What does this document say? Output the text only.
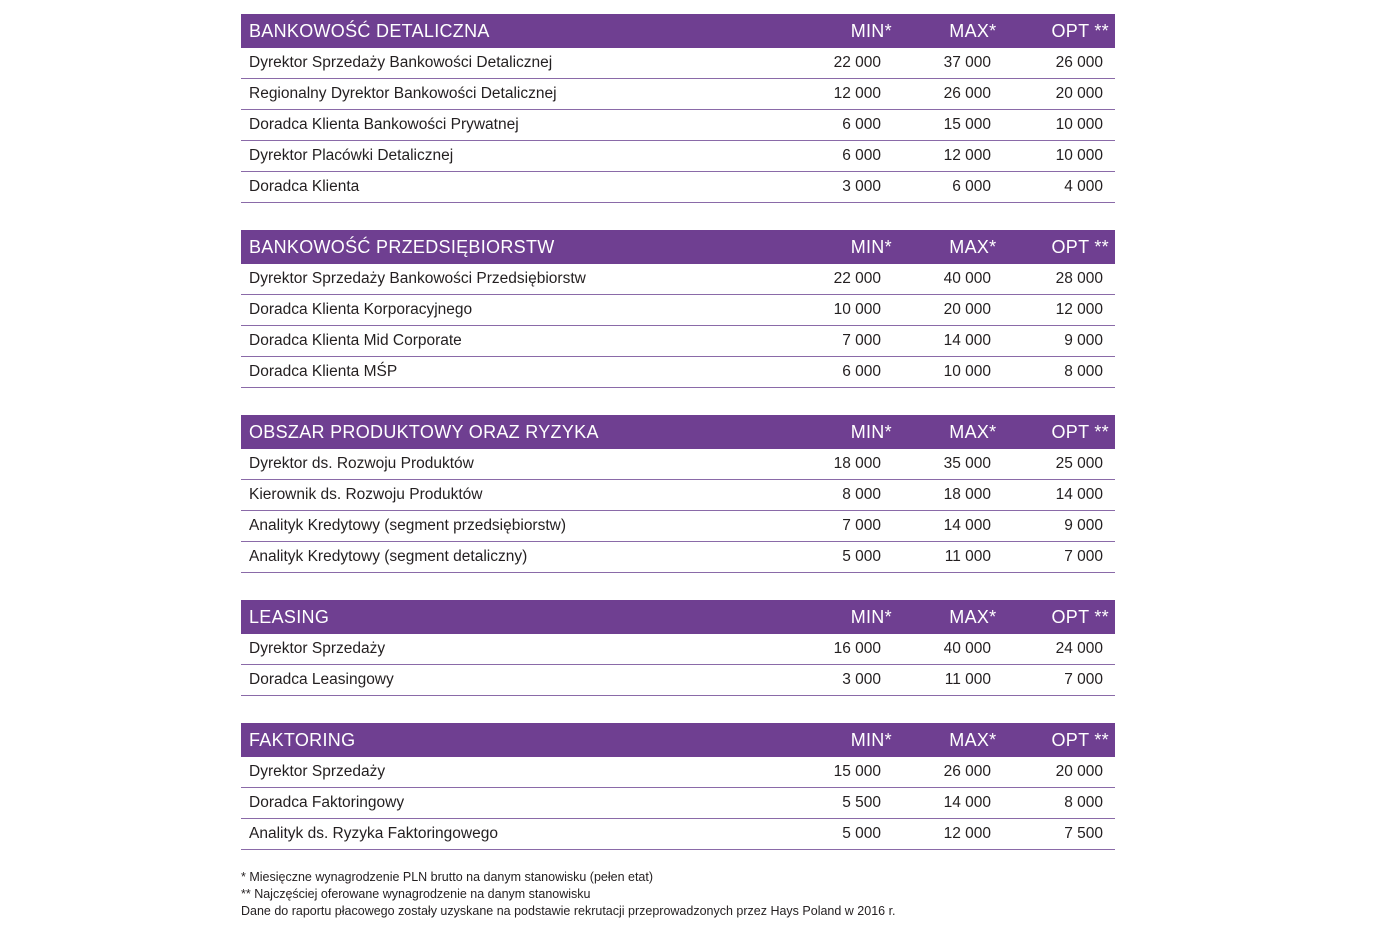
BANKOWOŚĆ DETALICZNA	MIN*	MAX*	OPT **
Dyrektor Sprzedaży Bankowości Detalicznej	22 000	37 000	26 000
Regionalny Dyrektor Bankowości Detalicznej	12 000	26 000	20 000
Doradca Klienta Bankowości Prywatnej	6 000	15 000	10 000
Dyrektor Placówki Detalicznej	6 000	12 000	10 000
Doradca Klienta	3 000	6 000	4 000
BANKOWOŚĆ PRZEDSIĘBIORSTW	MIN*	MAX*	OPT **
Dyrektor Sprzedaży Bankowości Przedsiębiorstw	22 000	40 000	28 000
Doradca Klienta Korporacyjnego	10 000	20 000	12 000
Doradca Klienta Mid Corporate	7 000	14 000	9 000
Doradca Klienta MŚP	6 000	10 000	8 000
OBSZAR PRODUKTOWY ORAZ RYZYKA	MIN*	MAX*	OPT **
Dyrektor ds. Rozwoju Produktów	18 000	35 000	25 000
Kierownik ds. Rozwoju Produktów	8 000	18 000	14 000
Analityk Kredytowy (segment przedsiębiorstw)	7 000	14 000	9 000
Analityk Kredytowy (segment detaliczny)	5 000	11 000	7 000
LEASING	MIN*	MAX*	OPT **
Dyrektor Sprzedaży	16 000	40 000	24 000
Doradca Leasingowy	3 000	11 000	7 000
FAKTORING	MIN*	MAX*	OPT **
Dyrektor Sprzedaży	15 000	26 000	20 000
Doradca Faktoringowy	5 500	14 000	8 000
Analityk ds. Ryzyka Faktoringowego	5 000	12 000	7 500
* Miesięczne wynagrodzenie PLN brutto na danym stanowisku (pełen etat)
** Najczęściej oferowane wynagrodzenie na danym stanowisku
Dane do raportu płacowego zostały uzyskane na podstawie rekrutacji przeprowadzonych przez Hays Poland w 2016 r.
